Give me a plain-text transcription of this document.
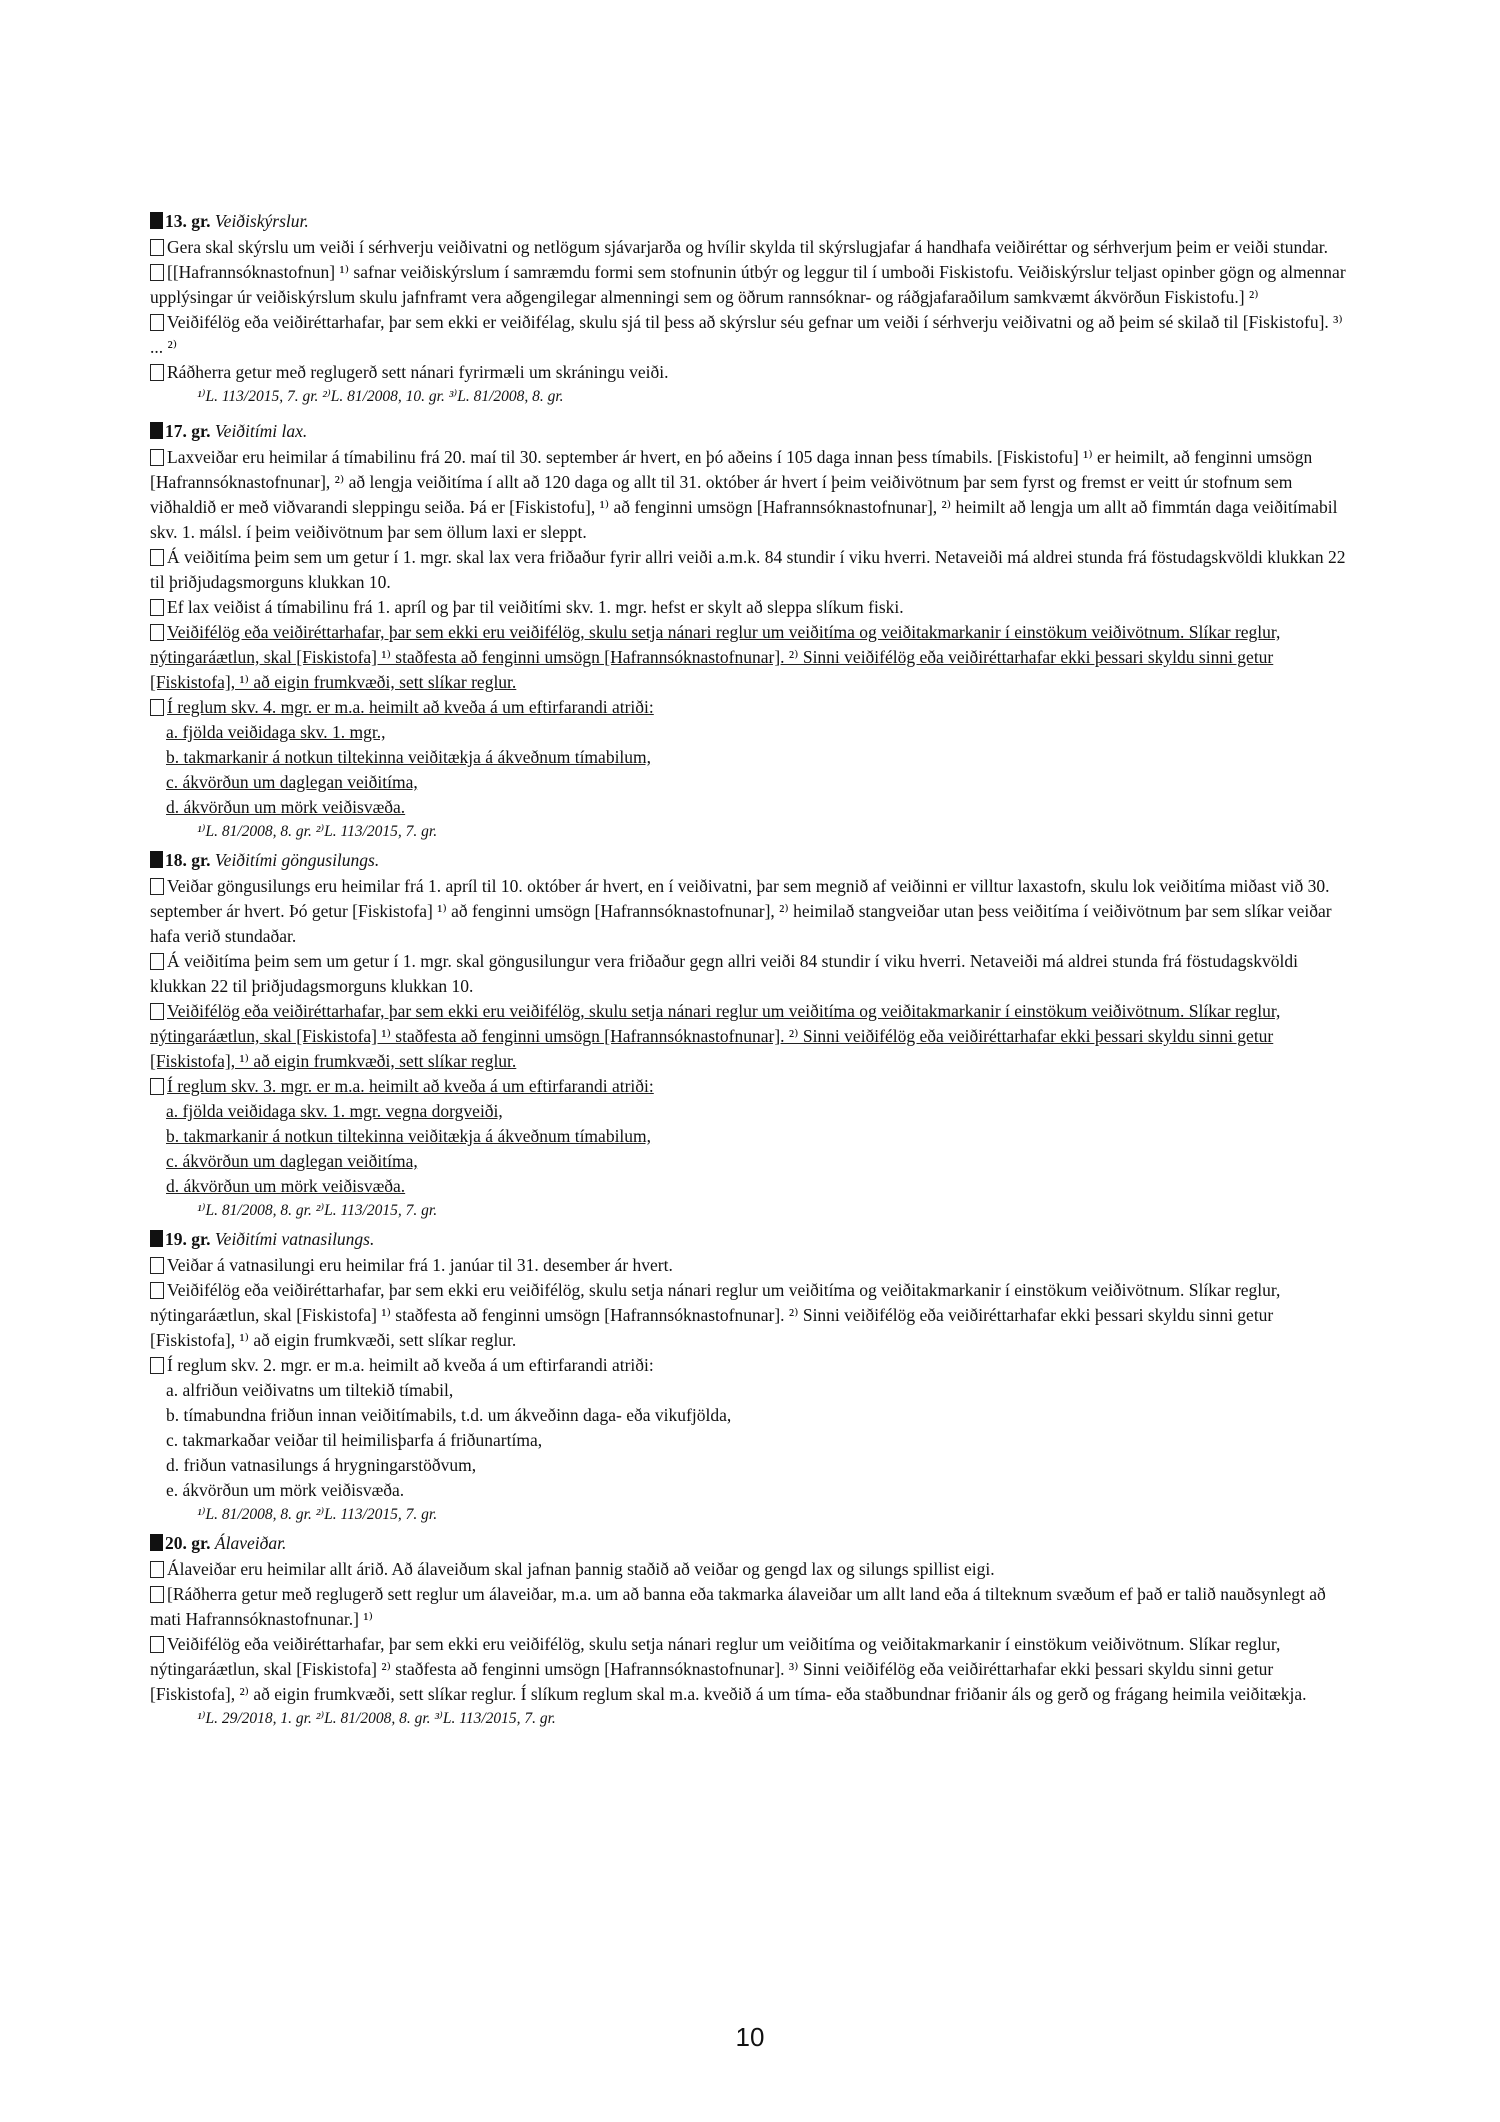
13. gr. Veiðiskýrslur.
Gera skal skýrslu um veiði í sérhverju veiðivatni og netlögum sjávarjarða og hvílir skylda til skýrslugjafar á handhafa veiðiréttar og sérhverjum þeim er veiði stundar.
[[Hafrannsóknastofnun] ¹⁾ safnar veiðiskýrslum í samræmdu formi sem stofnunin útbýr og leggur til í umboði Fiskistofu. Veiðiskýrslur teljast opinber gögn og almennar upplýsingar úr veiðiskýrslum skulu jafnframt vera aðgengilegar almenningi sem og öðrum rannsóknar- og ráðgjafaraðilum samkvæmt ákvörðun Fiskistofu.] ²⁾
Veiðifélög eða veiðiréttarhafar, þar sem ekki er veiðifélag, skulu sjá til þess að skýrslur séu gefnar um veiði í sérhverju veiðivatni og að þeim sé skilað til [Fiskistofu]. ³⁾ ... ²⁾
Ráðherra getur með reglugerð sett nánari fyrirmæli um skráningu veiði.
¹⁾L. 113/2015, 7. gr. ²⁾L. 81/2008, 10. gr. ³⁾L. 81/2008, 8. gr.
17. gr. Veiðitími lax.
Laxveiðar eru heimilar á tímabilinu frá 20. maí til 30. september ár hvert, en þó aðeins í 105 daga innan þess tímabils. [Fiskistofu] ¹⁾ er heimilt, að fenginni umsögn [Hafrannsóknastofnunar], ²⁾ að lengja veiðitíma í allt að 120 daga og allt til 31. október ár hvert í þeim veiðivötnum þar sem fyrst og fremst er veitt úr stofnum sem viðhaldið er með viðvarandi sleppingu seiða. Þá er [Fiskistofu], ¹⁾ að fenginni umsögn [Hafrannsóknastofnunar], ²⁾ heimilt að lengja um allt að fimmtán daga veiðitímabil skv. 1. málsl. í þeim veiðivötnum þar sem öllum laxi er sleppt.
Á veiðitíma þeim sem um getur í 1. mgr. skal lax vera friðaður fyrir allri veiði a.m.k. 84 stundir í viku hverri. Netaveiði má aldrei stunda frá föstudagskvöldi klukkan 22 til þriðjudagsmorguns klukkan 10.
Ef lax veiðist á tímabilinu frá 1. apríl og þar til veiðitími skv. 1. mgr. hefst er skylt að sleppa slíkum fiski.
Veiðifélög eða veiðiréttarhafar, þar sem ekki eru veiðifélög, skulu setja nánari reglur um veiðitíma og veiðitakmarkanir í einstökum veiðivötnum. Slíkar reglur, nýtingaráætlun, skal [Fiskistofa] ¹⁾ staðfesta að fenginni umsögn [Hafrannsóknastofnunar]. ²⁾ Sinni veiðifélög eða veiðiréttarhafar ekki þessari skyldu sinni getur [Fiskistofa], ¹⁾ að eigin frumkvæði, sett slíkar reglur.
Í reglum skv. 4. mgr. er m.a. heimilt að kveða á um eftirfarandi atriði:
a. fjölda veiðidaga skv. 1. mgr.,
b. takmarkanir á notkun tiltekinna veiðitækja á ákveðnum tímabilum,
c. ákvörðun um daglegan veiðitíma,
d. ákvörðun um mörk veiðisvæða.
¹⁾L. 81/2008, 8. gr. ²⁾L. 113/2015, 7. gr.
18. gr. Veiðitími göngusilungs.
Veiðar göngusilungs eru heimilar frá 1. apríl til 10. október ár hvert, en í veiðivatni, þar sem megnið af veiðinni er villtur laxastofn, skulu lok veiðitíma miðast við 30. september ár hvert. Þó getur [Fiskistofa] ¹⁾ að fenginni umsögn [Hafrannsóknastofnunar], ²⁾ heimilað stangveiðar utan þess veiðitíma í veiðivötnum þar sem slíkar veiðar hafa verið stundaðar.
Á veiðitíma þeim sem um getur í 1. mgr. skal göngusilungur vera friðaður gegn allri veiði 84 stundir í viku hverri. Netaveiði má aldrei stunda frá föstudagskvöldi klukkan 22 til þriðjudagsmorguns klukkan 10.
Veiðifélög eða veiðiréttarhafar, þar sem ekki eru veiðifélög, skulu setja nánari reglur um veiðitíma og veiðitakmarkanir í einstökum veiðivötnum. Slíkar reglur, nýtingaráætlun, skal [Fiskistofa] ¹⁾ staðfesta að fenginni umsögn [Hafrannsóknastofnunar]. ²⁾ Sinni veiðifélög eða veiðiréttarhafar ekki þessari skyldu sinni getur [Fiskistofa], ¹⁾ að eigin frumkvæði, sett slíkar reglur.
Í reglum skv. 3. mgr. er m.a. heimilt að kveða á um eftirfarandi atriði:
a. fjölda veiðidaga skv. 1. mgr. vegna dorgveiði,
b. takmarkanir á notkun tiltekinna veiðitækja á ákveðnum tímabilum,
c. ákvörðun um daglegan veiðitíma,
d. ákvörðun um mörk veiðisvæða.
¹⁾L. 81/2008, 8. gr. ²⁾L. 113/2015, 7. gr.
19. gr. Veiðitími vatnasilungs.
Veiðar á vatnasilungi eru heimilar frá 1. janúar til 31. desember ár hvert.
Veiðifélög eða veiðiréttarhafar, þar sem ekki eru veiðifélög, skulu setja nánari reglur um veiðitíma og veiðitakmarkanir í einstökum veiðivötnum. Slíkar reglur, nýtingaráætlun, skal [Fiskistofa] ¹⁾ staðfesta að fenginni umsögn [Hafrannsóknastofnunar]. ²⁾ Sinni veiðifélög eða veiðiréttarhafar ekki þessari skyldu sinni getur [Fiskistofa], ¹⁾ að eigin frumkvæði, sett slíkar reglur.
Í reglum skv. 2. mgr. er m.a. heimilt að kveða á um eftirfarandi atriði:
a. alfriðun veiðivatns um tiltekið tímabil,
b. tímabundna friðun innan veiðitímabils, t.d. um ákveðinn daga- eða vikufjölda,
c. takmarkaðar veiðar til heimilisþarfa á friðunartíma,
d. friðun vatnasilungs á hrygningarstöðvum,
e. ákvörðun um mörk veiðisvæða.
¹⁾L. 81/2008, 8. gr. ²⁾L. 113/2015, 7. gr.
20. gr. Álaveiðar.
Álaveiðar eru heimilar allt árið. Að álaveiðum skal jafnan þannig staðið að veiðar og gengd lax og silungs spillist eigi.
[Ráðherra getur með reglugerð sett reglur um álaveiðar, m.a. um að banna eða takmarka álaveiðar um allt land eða á tilteknum svæðum ef það er talið nauðsynlegt að mati Hafrannsóknastofnunar.] ¹⁾
Veiðifélög eða veiðiréttarhafar, þar sem ekki eru veiðifélög, skulu setja nánari reglur um veiðitíma og veiðitakmarkanir í einstökum veiðivötnum. Slíkar reglur, nýtingaráætlun, skal [Fiskistofa] ²⁾ staðfesta að fenginni umsögn [Hafrannsóknastofnunar]. ³⁾ Sinni veiðifélög eða veiðiréttarhafar ekki þessari skyldu sinni getur [Fiskistofa], ²⁾ að eigin frumkvæði, sett slíkar reglur. Í slíkum reglum skal m.a. kveðið á um tíma- eða staðbundnar friðanir áls og gerð og frágang heimila veiðitækja.
¹⁾L. 29/2018, 1. gr. ²⁾L. 81/2008, 8. gr. ³⁾L. 113/2015, 7. gr.
10
